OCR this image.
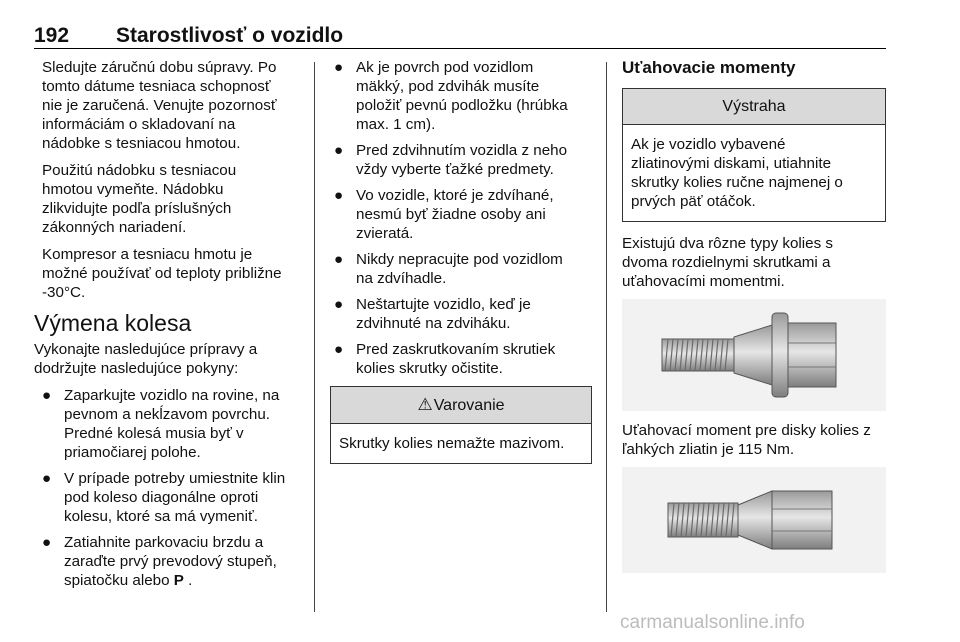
192 Starostlivosť o vozidlo

Sledujte záručnú dobu súpravy. Po
tomto dátume tesniaca schopnosť
nie je zaručená. Venujte pozornosť
informáciám o skladovaní na
nádobke s tesniacou hmotou.

Použitú nádobku s tesniacou
hmotou vymeňte. Nádobku
zlikvidujte podľa príslušných
zákonných nariadení.

Kompresor a tesniacu hmotu je
možné používať od teploty približne
-30°C.

Výmena kolesa

Vykonajte nasledujúce prípravy a
dodržujte nasledujúce pokyny:

● Zaparkujte vozidlo na rovine, na
pevnom a nekĺzavom povrchu.
Predné kolesá musia byť v
priamočiarej polohe.
● V prípade potreby umiestnite klin
pod koleso diagonálne oproti
kolesu, ktoré sa má vymeniť.
● Zatiahnite parkovaciu brzdu a
zaraďte prvý prevodový stupeň,
spiatočku alebo P .
● Ak je povrch pod vozidlom
mäkký, pod zdvihák musíte
položiť pevnú podložku (hrúbka
max. 1 cm).
● Pred zdvihnutím vozidla z neho
vždy vyberte ťažké predmety.
● Vo vozidle, ktoré je zdvíhané,
nesmú byť žiadne osoby ani
zvieratá.
● Nikdy nepracujte pod vozidlom
na zdvíhadle.
● Neštartujte vozidlo, keď je
zdvihnuté na zdviháku.
● Pred zaskrutkovaním skrutiek
kolies skrutky očistite.
⚠Varovanie
Skrutky kolies nemažte mazivom.
Uťahovacie momenty
Výstraha
Ak je vozidlo vybavené
zliatinovými diskami, utiahnite
skrutky kolies ručne najmenej o
prvých päť otáčok.

Existujú dva rôzne typy kolies s
dvoma rozdielnymi skrutkami a
uťahovacími momentmi.

Uťahovací moment pre disky kolies z
ľahkých zliatin je 115 Nm.

carmanualsonline.info
